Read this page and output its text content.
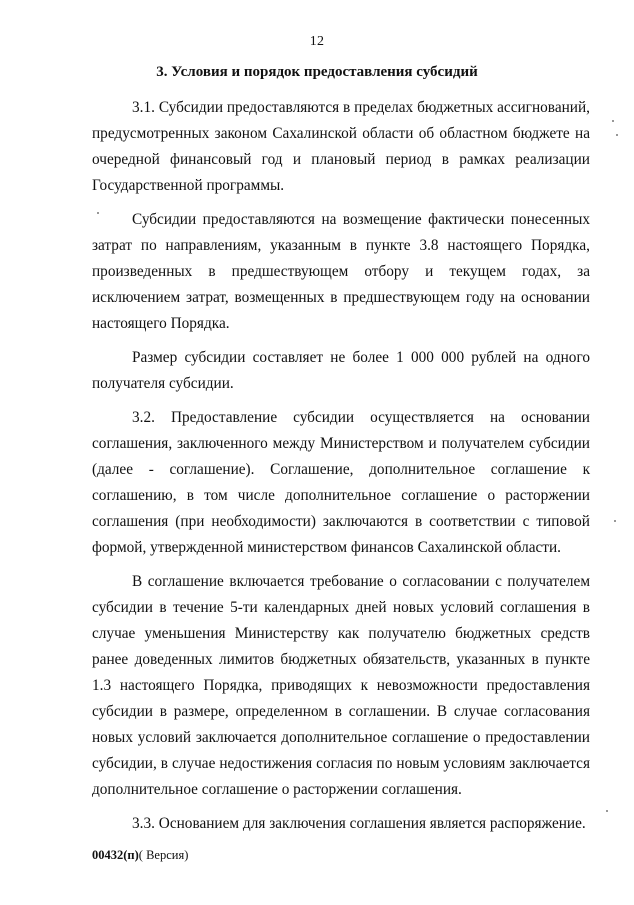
12
3. Условия и порядок предоставления субсидий

3.1. Субсидии предоставляются в пределах бюджетных ассигнований, предусмотренных законом Сахалинской области об областном бюджете на очередной финансовый год и плановый период в рамках реализации Государственной программы.

Субсидии предоставляются на возмещение фактически понесенных затрат по направлениям, указанным в пункте 3.8 настоящего Порядка, произведенных в предшествующем отбору и текущем годах, за исключением затрат, возмещенных в предшествующем году на основании настоящего Порядка.

Размер субсидии составляет не более 1 000 000 рублей на одного получателя субсидии.

3.2. Предоставление субсидии осуществляется на основании соглашения, заключенного между Министерством и получателем субсидии (далее - соглашение). Соглашение, дополнительное соглашение к соглашению, в том числе дополнительное соглашение о расторжении соглашения (при необходимости) заключаются в соответствии с типовой формой, утвержденной министерством финансов Сахалинской области.

В соглашение включается требование о согласовании с получателем субсидии в течение 5-ти календарных дней новых условий соглашения в случае уменьшения Министерству как получателю бюджетных средств ранее доведенных лимитов бюджетных обязательств, указанных в пункте 1.3 настоящего Порядка, приводящих к невозможности предоставления субсидии в размере, определенном в соглашении. В случае согласования новых условий заключается дополнительное соглашение о предоставлении субсидии, в случае недостижения согласия по новым условиям заключается дополнительное соглашение о расторжении соглашения.

3.3. Основанием для заключения соглашения является распоряжение.

00432(п)( Версия)
